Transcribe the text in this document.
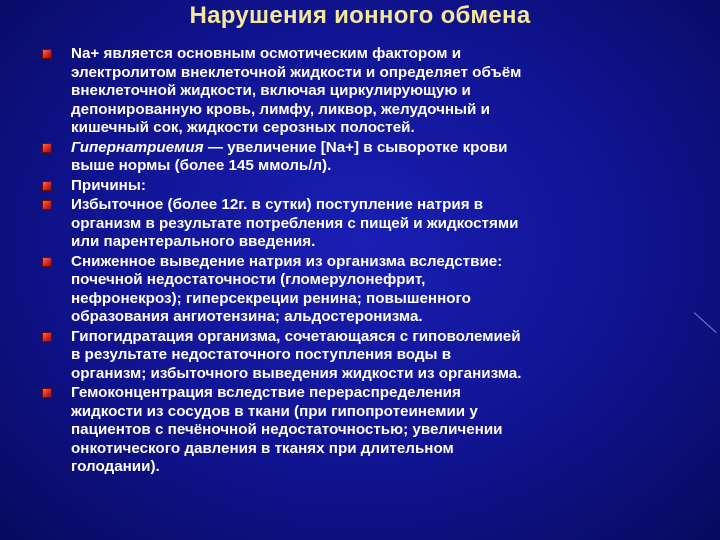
Нарушения ионного обмена
Na+ является основным осмотическим фактором и
электролитом внеклеточной жидкости и определяет объём
внеклеточной жидкости, включая циркулирующую и
депонированную кровь, лимфу, ликвор, желудочный и
кишечный сок, жидкости серозных полостей.
Гипернатриемия — увеличение [Na+] в сыворотке крови
выше нормы (более 145 ммоль/л).
Причины:
Избыточное (более 12г. в сутки) поступление натрия в
организм в результате потребления с пищей и жидкостями
или парентерального введения.
Сниженное выведение натрия из организма вследствие:
почечной недостаточности (гломерулонефрит,
нефронекроз); гиперсекреции ренина; повышенного
образования ангиотензина; альдостеронизма.
Гипогидратация организма, сочетающаяся с гиповолемией
в результате недостаточного поступления воды в
организм; избыточного выведения жидкости из организма.
Гемоконцентрация вследствие перераспределения
жидкости из сосудов в ткани (при гипопротеинемии у
пациентов с печёночной недостаточностью; увеличении
онкотического давления в тканях при длительном
голодании).
